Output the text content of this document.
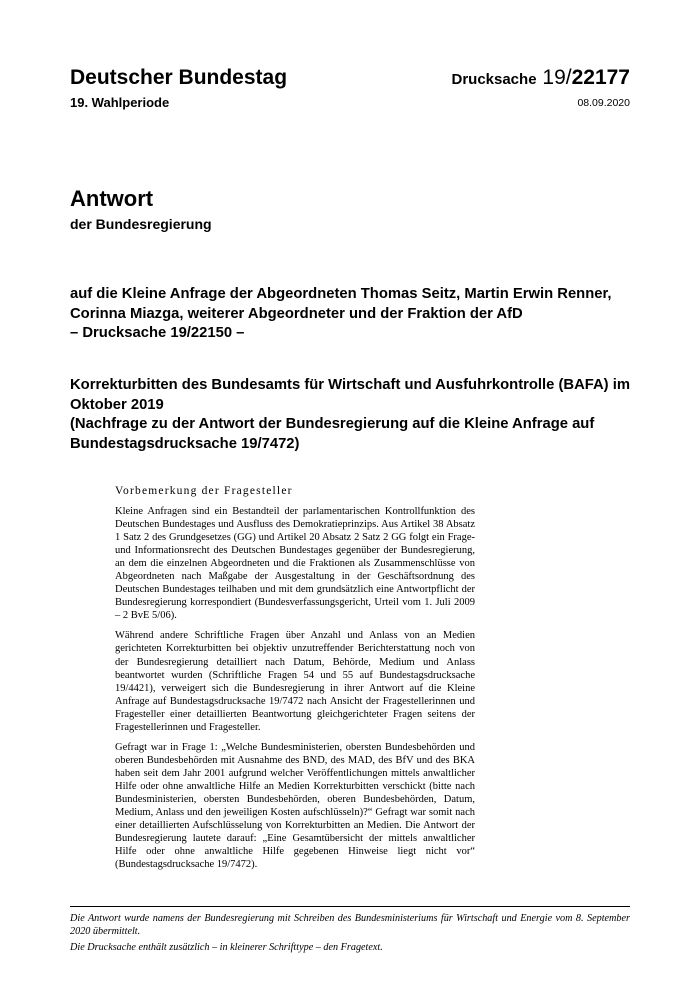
Deutscher Bundestag
19. Wahlperiode
Drucksache 19/22177
08.09.2020
Antwort
der Bundesregierung
auf die Kleine Anfrage der Abgeordneten Thomas Seitz, Martin Erwin Renner,
Corinna Miazga, weiterer Abgeordneter und der Fraktion der AfD
– Drucksache 19/22150 –
Korrekturbitten des Bundesamts für Wirtschaft und Ausfuhrkontrolle (BAFA) im
Oktober 2019
(Nachfrage zu der Antwort der Bundesregierung auf die Kleine Anfrage auf
Bundestagsdrucksache 19/7472)
Vorbemerkung der Fragesteller

Kleine Anfragen sind ein Bestandteil der parlamentarischen Kontrollfunktion des Deutschen Bundestages und Ausfluss des Demokratieprinzips. Aus Artikel 38 Absatz 1 Satz 2 des Grundgesetzes (GG) und Artikel 20 Absatz 2 Satz 2 GG folgt ein Frage- und Informationsrecht des Deutschen Bundestages gegenüber der Bundesregierung, an dem die einzelnen Abgeordneten und die Fraktionen als Zusammenschlüsse von Abgeordneten nach Maßgabe der Ausgestaltung in der Geschäftsordnung des Deutschen Bundestages teilhaben und mit dem grundsätzlich eine Antwortpflicht der Bundesregierung korrespondiert (Bundesverfassungsgericht, Urteil vom 1. Juli 2009 – 2 BvE 5/06).

Während andere Schriftliche Fragen über Anzahl und Anlass von an Medien gerichteten Korrekturbitten bei objektiv unzutreffender Berichterstattung noch von der Bundesregierung detailliert nach Datum, Behörde, Medium und Anlass beantwortet wurden (Schriftliche Fragen 54 und 55 auf Bundestagsdrucksache 19/4421), verweigert sich die Bundesregierung in ihrer Antwort auf die Kleine Anfrage auf Bundestagsdrucksache 19/7472 nach Ansicht der Fragestellerinnen und Fragesteller einer detaillierten Beantwortung gleichgerichteter Fragen seitens der Fragestellerinnen und Fragesteller.

Gefragt war in Frage 1: „Welche Bundesministerien, obersten Bundesbehörden und oberen Bundesbehörden mit Ausnahme des BND, des MAD, des BfV und des BKA haben seit dem Jahr 2001 aufgrund welcher Veröffentlichungen mittels anwaltlicher Hilfe oder ohne anwaltliche Hilfe an Medien Korrekturbitten verschickt (bitte nach Bundesministerien, obersten Bundesbehörden, oberen Bundesbehörden, Datum, Medium, Anlass und den jeweiligen Kosten aufschlüsseln)?“ Gefragt war somit nach einer detaillierten Aufschlüsselung von Korrekturbitten an Medien. Die Antwort der Bundesregierung lautete darauf: „Eine Gesamtübersicht der mittels anwaltlicher Hilfe oder ohne anwaltliche Hilfe gegebenen Hinweise liegt nicht vor“ (Bundestagsdrucksache 19/7472).

Die Antwort wurde namens der Bundesregierung mit Schreiben des Bundesministeriums für Wirtschaft und Energie vom 8. September 2020 übermittelt.

Die Drucksache enthält zusätzlich – in kleinerer Schrifttype – den Fragetext.
